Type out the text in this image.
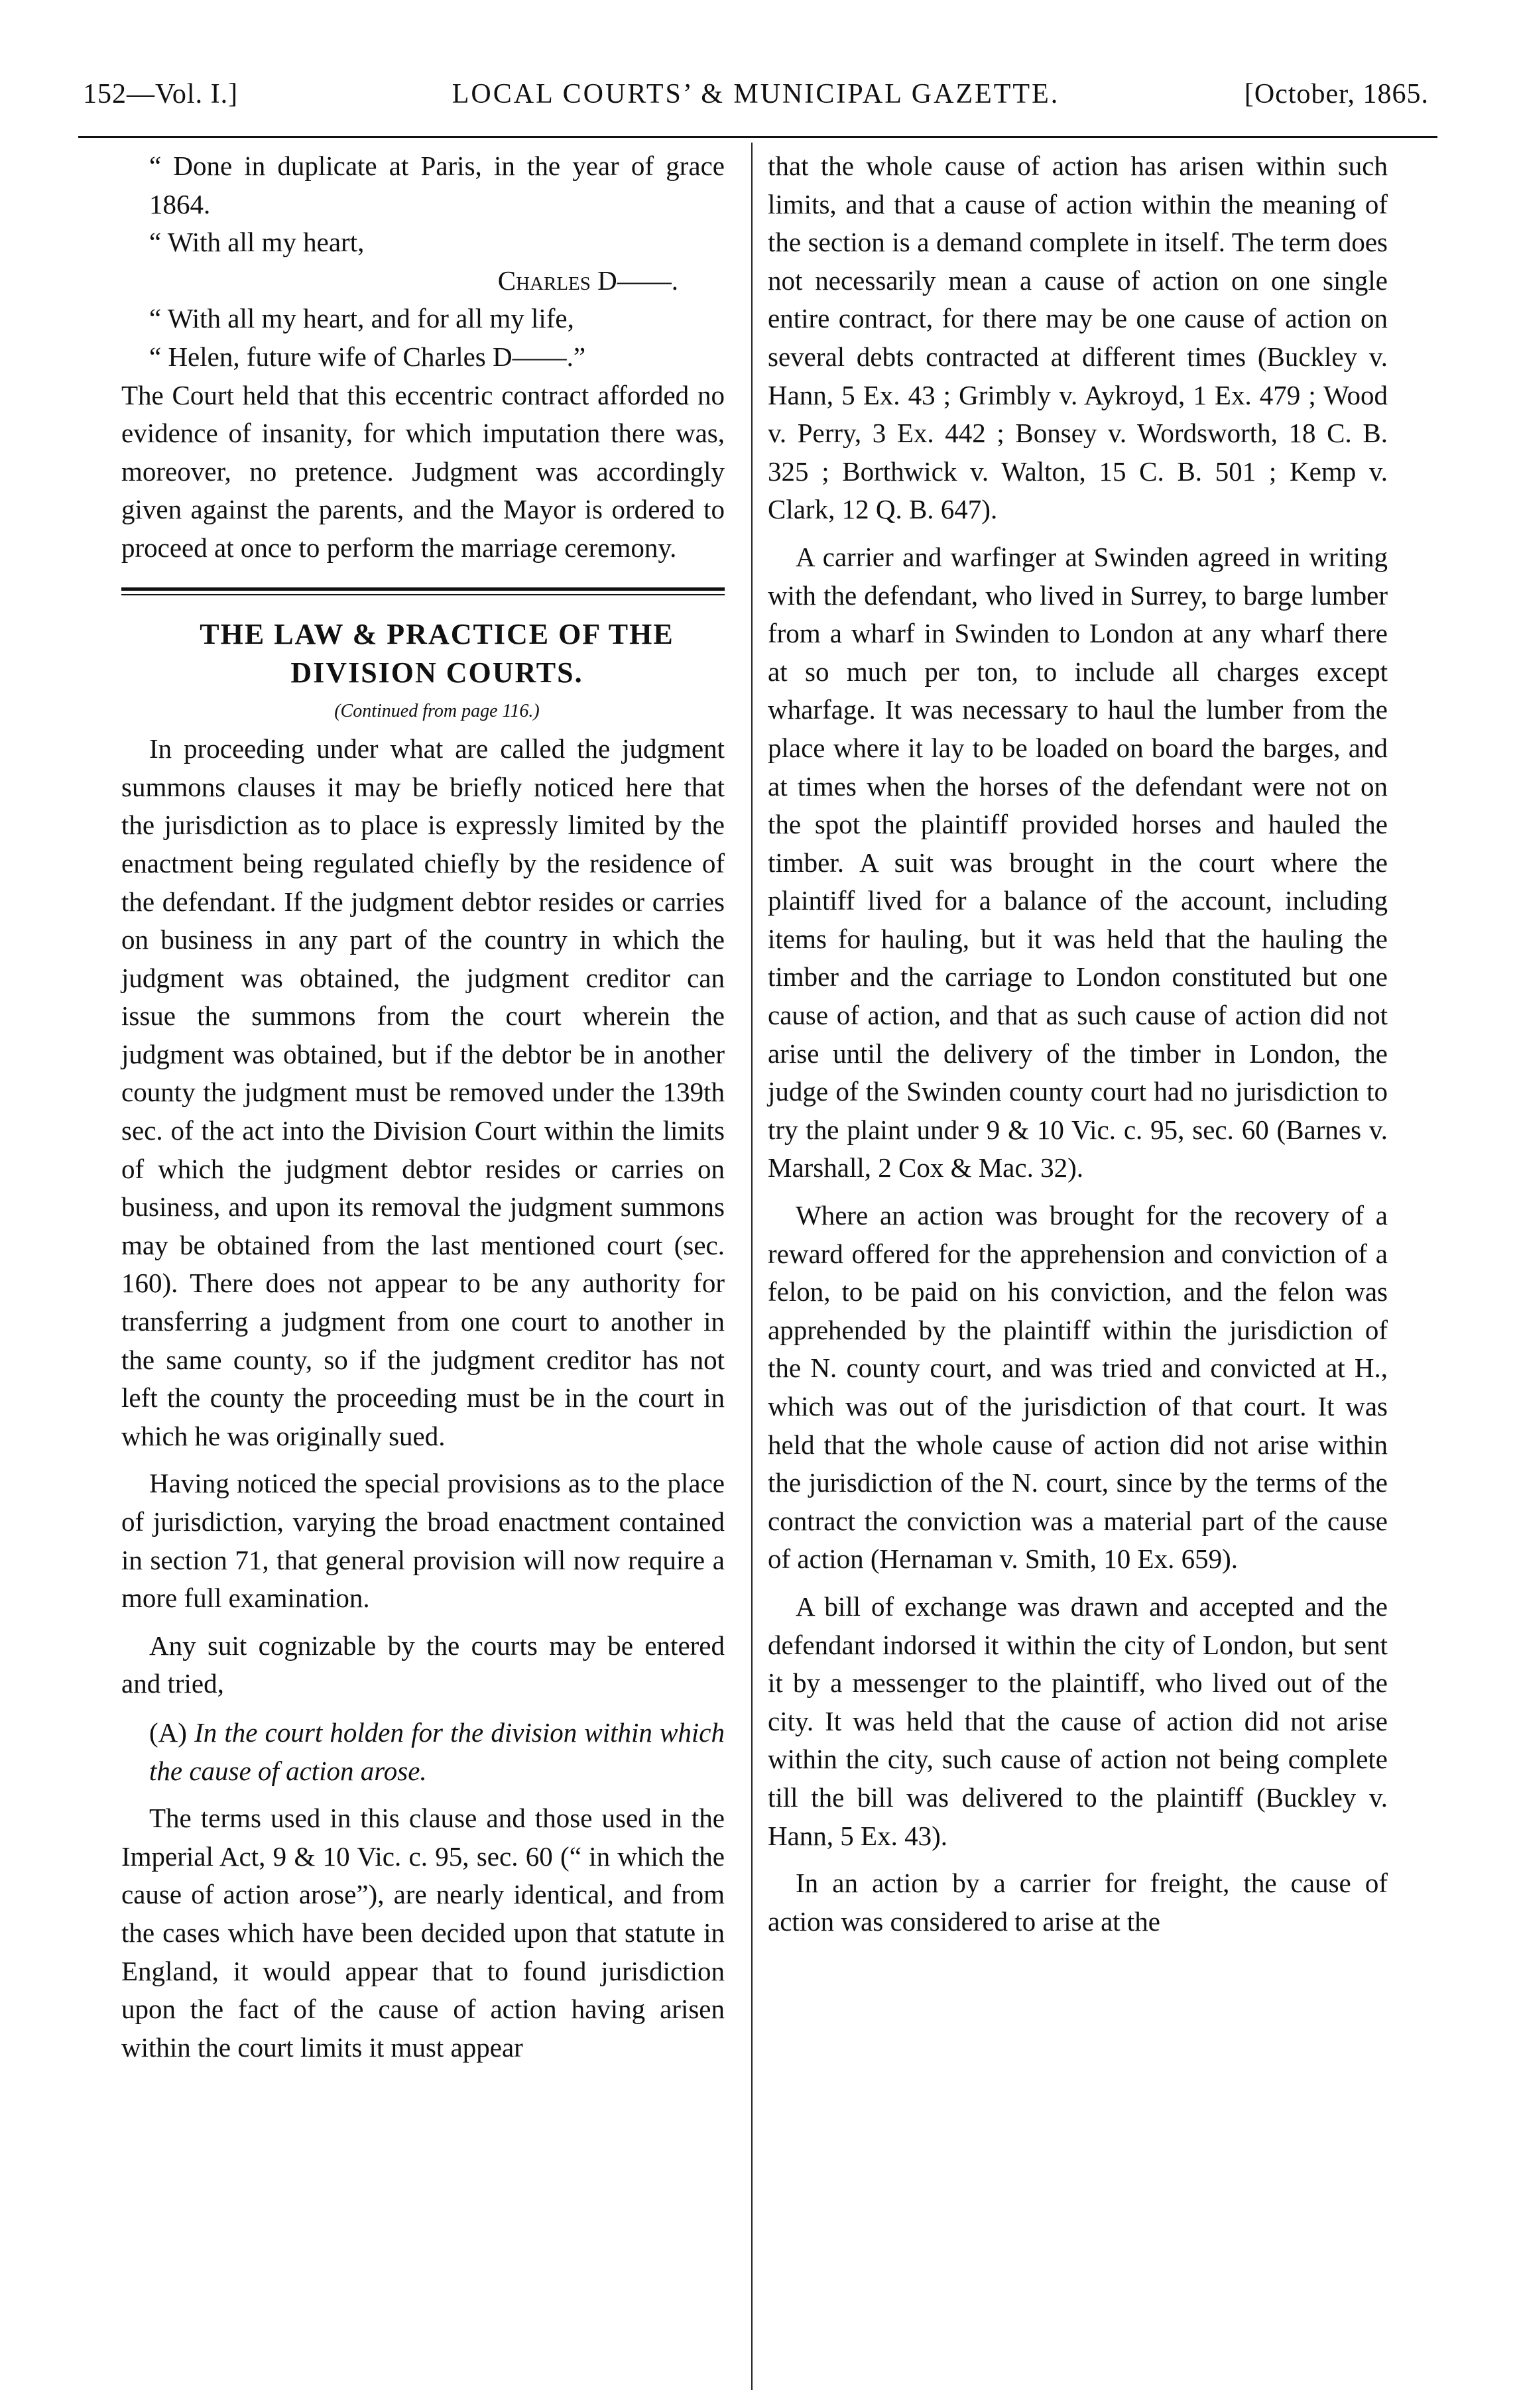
152—Vol. I.]	LOCAL COURTS’ & MUNICIPAL GAZETTE.	[October, 1865.

“ Done in duplicate at Paris, in the year of grace 1864.

“ With all my heart,

Charles D——.

“ With all my heart, and for all my life,

“ Helen, future wife of Charles D——.”

The Court held that this eccentric contract afforded no evidence of insanity, for which imputation there was, moreover, no pretence. Judgment was accordingly given against the parents, and the Mayor is ordered to proceed at once to perform the marriage ceremony.

THE LAW & PRACTICE OF THE

DIVISION COURTS.

(Continued from page 116.)

In proceeding under what are called the judgment summons clauses it may be briefly noticed here that the jurisdiction as to place is expressly limited by the enactment being regulated chiefly by the residence of the defendant. If the judgment debtor resides or carries on business in any part of the country in which the judgment was obtained, the judgment creditor can issue the summons from the court wherein the judgment was obtained, but if the debtor be in another county the judgment must be removed under the 139th sec. of the act into the Division Court within the limits of which the judgment debtor resides or carries on business, and upon its removal the judgment summons may be obtained from the last mentioned court (sec. 160). There does not appear to be any authority for transferring a judgment from one court to another in the same county, so if the judgment creditor has not left the county the proceeding must be in the court in which he was originally sued.

Having noticed the special provisions as to the place of jurisdiction, varying the broad enactment contained in section 71, that general provision will now require a more full examination.

Any suit cognizable by the courts may be entered and tried,

(A) In the court holden for the division within which the cause of action arose.

The terms used in this clause and those used in the Imperial Act, 9 & 10 Vic. c. 95, sec. 60 (“ in which the cause of action arose”), are nearly identical, and from the cases which have been decided upon that statute in England, it would appear that to found jurisdiction upon the fact of the cause of action having arisen within the court limits it must appear

that the whole cause of action has arisen within such limits, and that a cause of action within the meaning of the section is a demand complete in itself. The term does not necessarily mean a cause of action on one single entire contract, for there may be one cause of action on several debts contracted at different times (Buckley v. Hann, 5 Ex. 43 ; Grimbly v. Aykroyd, 1 Ex. 479 ; Wood v. Perry, 3 Ex. 442 ; Bonsey v. Wordsworth, 18 C. B. 325 ; Borthwick v. Walton, 15 C. B. 501 ; Kemp v. Clark, 12 Q. B. 647).

A carrier and warfinger at Swinden agreed in writing with the defendant, who lived in Surrey, to barge lumber from a wharf in Swinden to London at any wharf there at so much per ton, to include all charges except wharfage. It was necessary to haul the lumber from the place where it lay to be loaded on board the barges, and at times when the horses of the defendant were not on the spot the plaintiff provided horses and hauled the timber. A suit was brought in the court where the plaintiff lived for a balance of the account, including items for hauling, but it was held that the hauling the timber and the carriage to London constituted but one cause of action, and that as such cause of action did not arise until the delivery of the timber in London, the judge of the Swinden county court had no jurisdiction to try the plaint under 9 & 10 Vic. c. 95, sec. 60 (Barnes v. Marshall, 2 Cox & Mac. 32).

Where an action was brought for the recovery of a reward offered for the apprehension and conviction of a felon, to be paid on his conviction, and the felon was apprehended by the plaintiff within the jurisdiction of the N. county court, and was tried and convicted at H., which was out of the jurisdiction of that court. It was held that the whole cause of action did not arise within the jurisdiction of the N. court, since by the terms of the contract the conviction was a material part of the cause of action (Hernaman v. Smith, 10 Ex. 659).

A bill of exchange was drawn and accepted and the defendant indorsed it within the city of London, but sent it by a messenger to the plaintiff, who lived out of the city. It was held that the cause of action did not arise within the city, such cause of action not being complete till the bill was delivered to the plaintiff (Buckley v. Hann, 5 Ex. 43).

In an action by a carrier for freight, the cause of action was considered to arise at the
